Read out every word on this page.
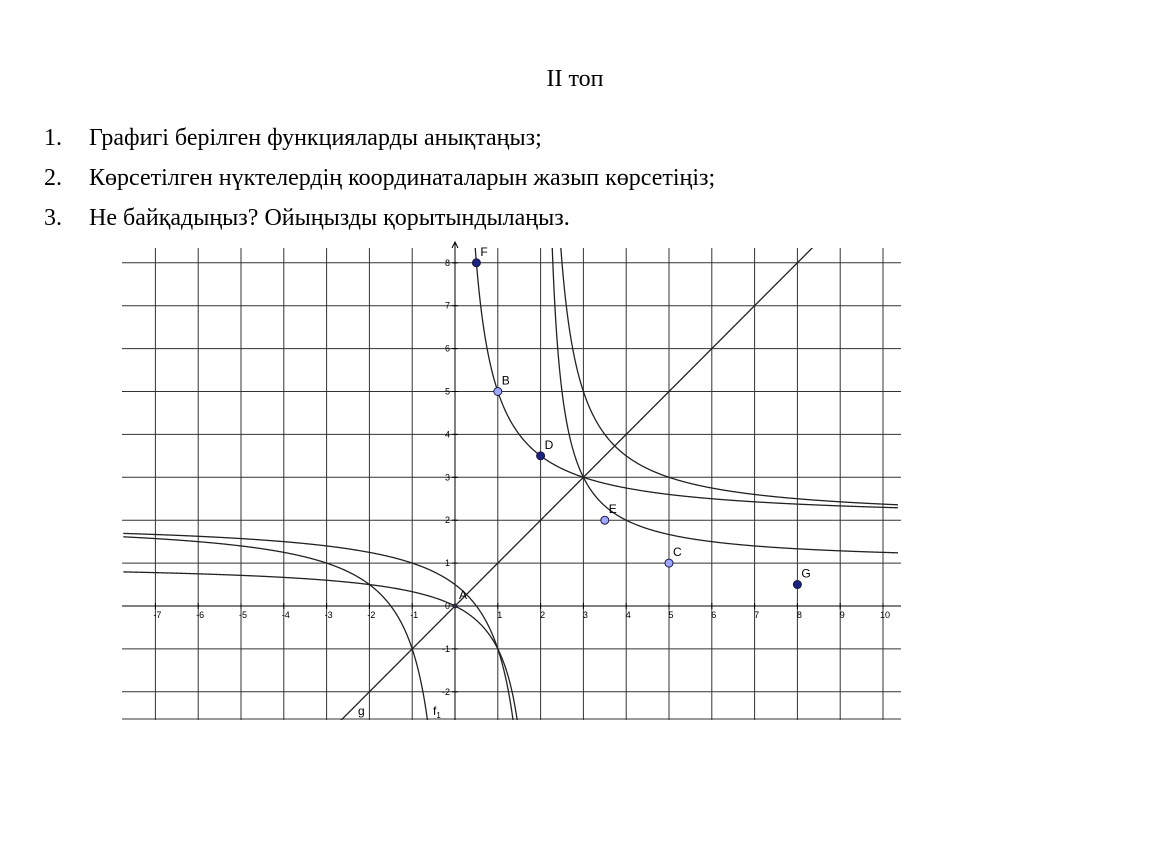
II топ
1. Графигі берілген функцияларды анықтаңыз;
2. Көрсетілген нүктелердің координаталарын жазып көрсетіңіз;
3. Не байқадыңыз? Ойыңызды қорытындылаңыз.
-7	-6	-5	-4	-3	-2	-1	1	2	3	4	5	6	7	8	9	10
-2
-1
0
1
2
3
4
5
6
7
8
g	$f_1$
A
F
B
D
E
C
G
